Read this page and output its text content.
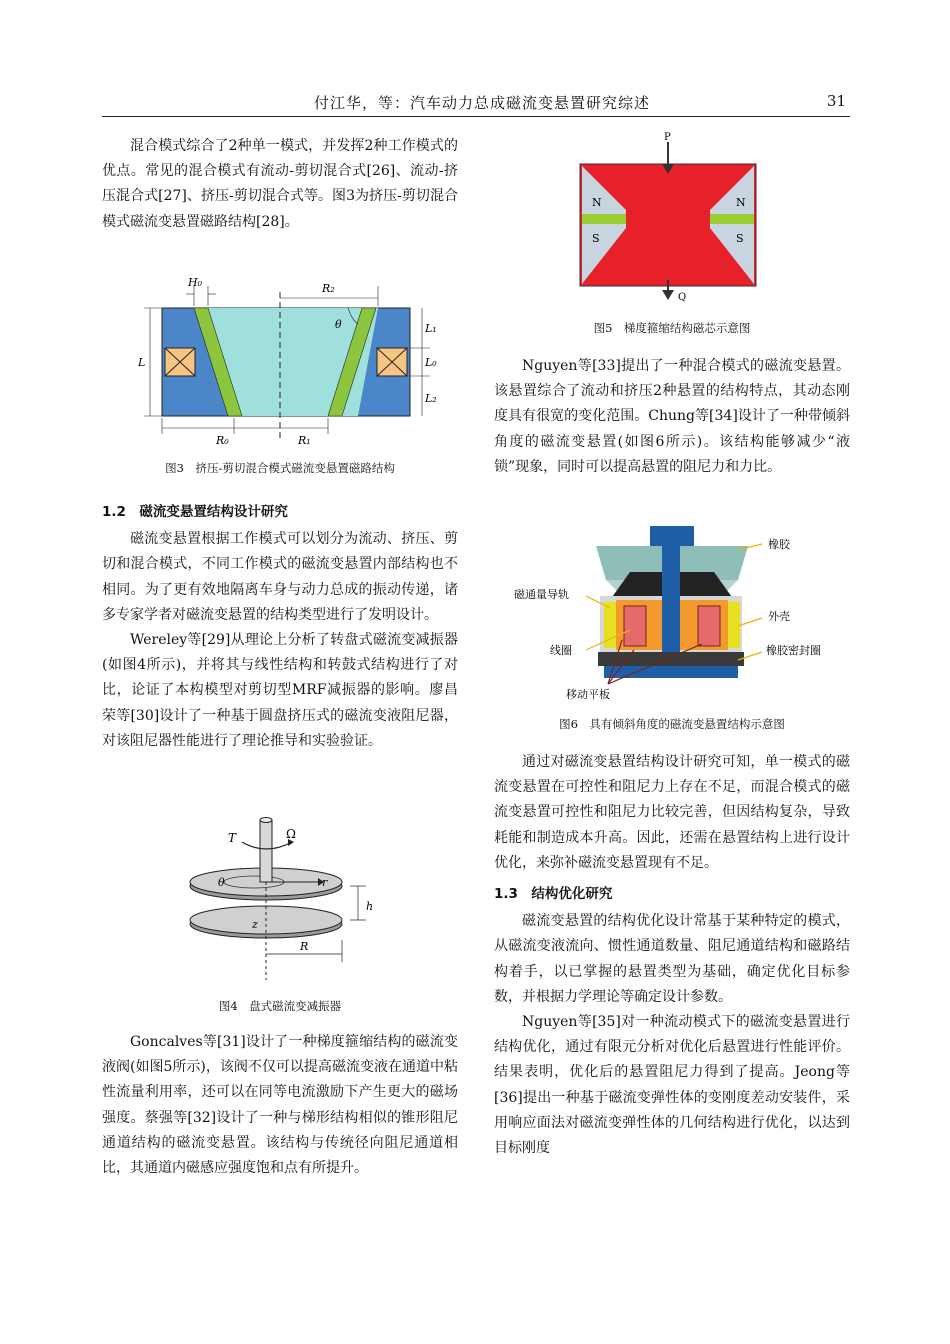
付江华，等：汽车动力总成磁流变悬置研究综述	31

混合模式综合了2种单一模式，并发挥2种工作模式的优点。常见的混合模式有流动-剪切混合式[26]、流动-挤压混合式[27]、挤压-剪切混合式等。图3为挤压-剪切混合模式磁流变悬置磁路结构[28]。

H₀	R₂
θ
L
L₁
L₀
L₂
R₀	R₁
图3　挤压-剪切混合模式磁流变悬置磁路结构

1.2　磁流变悬置结构设计研究

磁流变悬置根据工作模式可以划分为流动、挤压、剪切和混合模式，不同工作模式的磁流变悬置内部结构也不相同。为了更有效地隔离车身与动力总成的振动传递，诸多专家学者对磁流变悬置的结构类型进行了发明设计。

Wereley等[29]从理论上分析了转盘式磁流变减振器(如图4所示)，并将其与线性结构和转鼓式结构进行了对比，论证了本构模型对剪切型MRF减振器的影响。廖昌荣等[30]设计了一种基于圆盘挤压式的磁流变液阻尼器，对该阻尼器性能进行了理论推导和实验验证。

T	Ω
θ	r
z
h
R
图4　盘式磁流变减振器

Goncalves等[31]设计了一种梯度箍缩结构的磁流变液阀(如图5所示)，该阀不仅可以提高磁流变液在通道中粘性流量利用率，还可以在同等电流激励下产生更大的磁场强度。蔡强等[32]设计了一种与梯形结构相似的锥形阻尼通道结构的磁流变悬置。该结构与传统径向阻尼通道相比，其通道内磁感应强度饱和点有所提升。

P
Q
N
S
N
S
图5　梯度箍缩结构磁芯示意图

Nguyen等[33]提出了一种混合模式的磁流变悬置。该悬置综合了流动和挤压2种悬置的结构特点，其动态刚度具有很宽的变化范围。Chung等[34]设计了一种带倾斜角度的磁流变悬置(如图6所示)。该结构能够减少“液锁”现象，同时可以提高悬置的阻尼力和力比。

橡胶
磁通量导轨
外壳
线圈	橡胶密封圈
移动平板
图6　具有倾斜角度的磁流变悬置结构示意图

通过对磁流变悬置结构设计研究可知，单一模式的磁流变悬置在可控性和阻尼力上存在不足，而混合模式的磁流变悬置可控性和阻尼力比较完善，但因结构复杂，导致耗能和制造成本升高。因此，还需在悬置结构上进行设计优化，来弥补磁流变悬置现有不足。

1.3　结构优化研究

磁流变悬置的结构优化设计常基于某种特定的模式，从磁流变液流向、惯性通道数量、阻尼通道结构和磁路结构着手，以已掌握的悬置类型为基础，确定优化目标参数，并根据力学理论等确定设计参数。

Nguyen等[35]对一种流动模式下的磁流变悬置进行结构优化，通过有限元分析对优化后悬置进行性能评价。结果表明，优化后的悬置阻尼力得到了提高。Jeong等[36]提出一种基于磁流变弹性体的变刚度差动安装件，采用响应面法对磁流变弹性体的几何结构进行优化，以达到目标刚度
